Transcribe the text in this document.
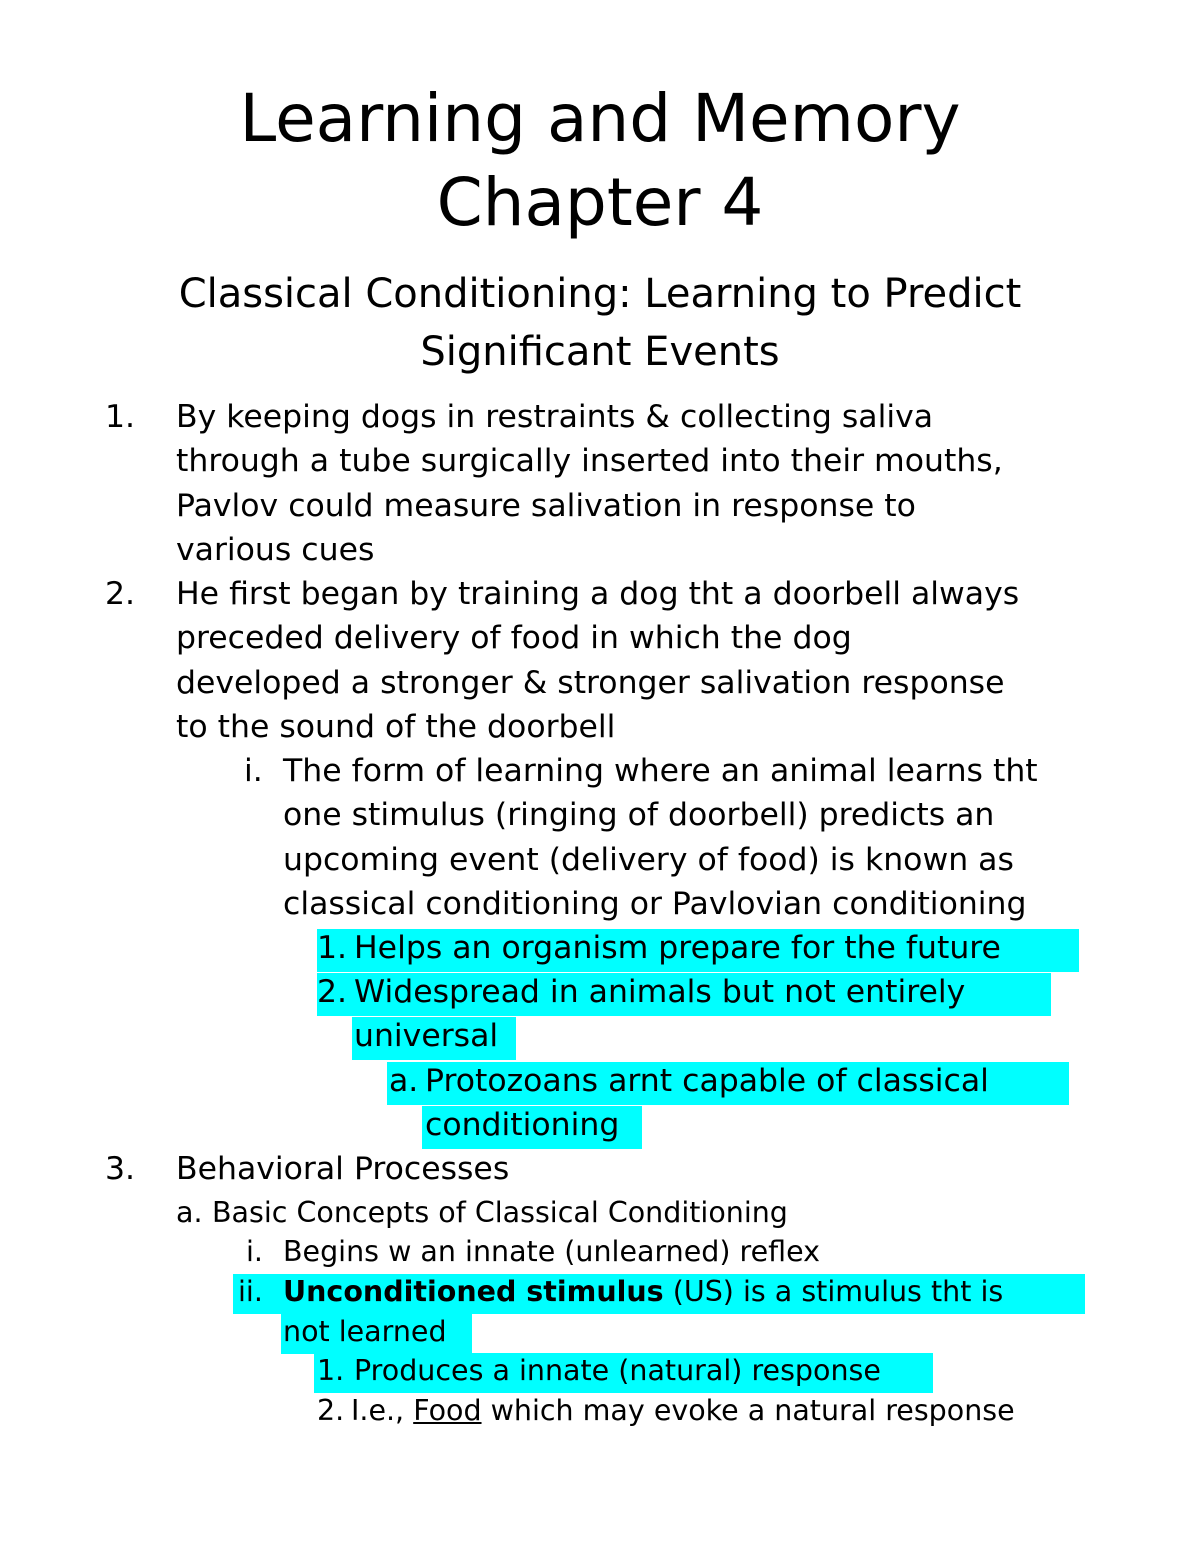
Learning and Memory
Chapter 4
Classical Conditioning: Learning to Predict
Significant Events
1. By keeping dogs in restraints & collecting saliva
through a tube surgically inserted into their mouths,
Pavlov could measure salivation in response to
various cues
2. He first began by training a dog tht a doorbell always
preceded delivery of food in which the dog
developed a stronger & stronger salivation response
to the sound of the doorbell
i. The form of learning where an animal learns tht
one stimulus (ringing of doorbell) predicts an
upcoming event (delivery of food) is known as
classical conditioning or Pavlovian conditioning
1. Helps an organism prepare for the future
2. Widespread in animals but not entirely
universal
a. Protozoans arnt capable of classical
conditioning
3. Behavioral Processes
a. Basic Concepts of Classical Conditioning
i. Begins w an innate (unlearned) reflex
ii. Unconditioned stimulus (US) is a stimulus tht is
not learned
1. Produces a innate (natural) response
2. I.e., Food which may evoke a natural response
